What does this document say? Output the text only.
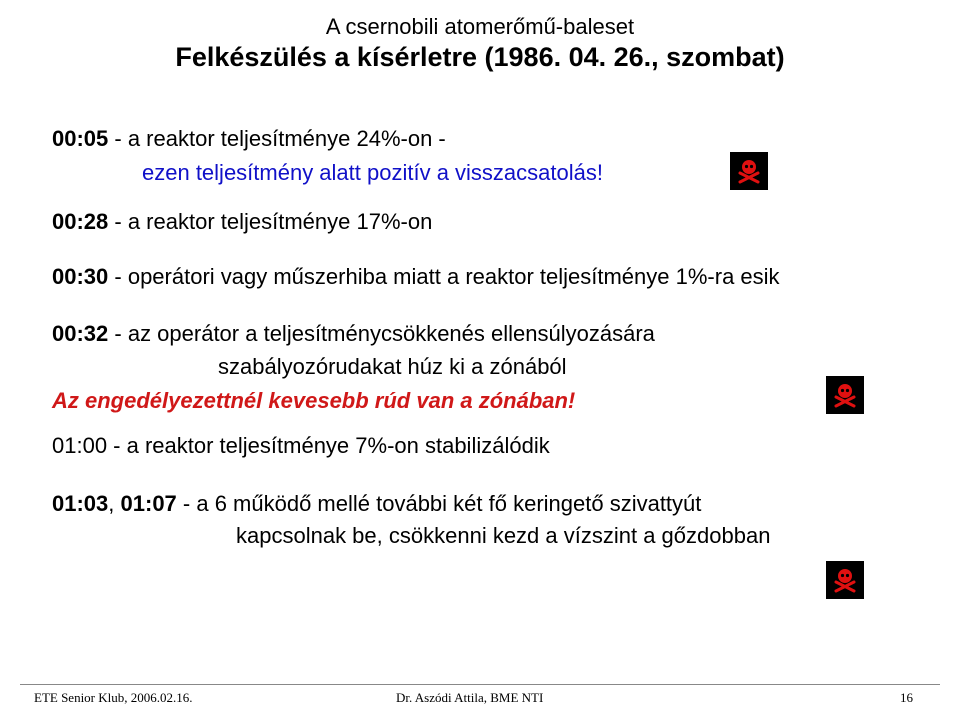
A csernobili atomerőmű-baleset
Felkészülés a kísérletre (1986. 04. 26., szombat)
00:05 - a reaktor teljesítménye 24%-on -
ezen teljesítmény alatt pozitív a visszacsatolás!
00:28 - a reaktor teljesítménye 17%-on
00:30 - operátori vagy műszerhiba miatt a reaktor teljesítménye 1%-ra esik
00:32 - az operátor a teljesítménycsökkenés ellensúlyozására
szabályozórudakat húz ki a zónából
Az engedélyezettnél kevesebb rúd van a zónában!
01:00 - a reaktor teljesítménye 7%-on stabilizálódik
01:03, 01:07 - a 6 működő mellé további két fő keringető szivattyút
kapcsolnak be, csökkenni kezd a vízszint a gőzdobban
ETE Senior Klub, 2006.02.16.	Dr. Aszódi Attila, BME NTI	16
